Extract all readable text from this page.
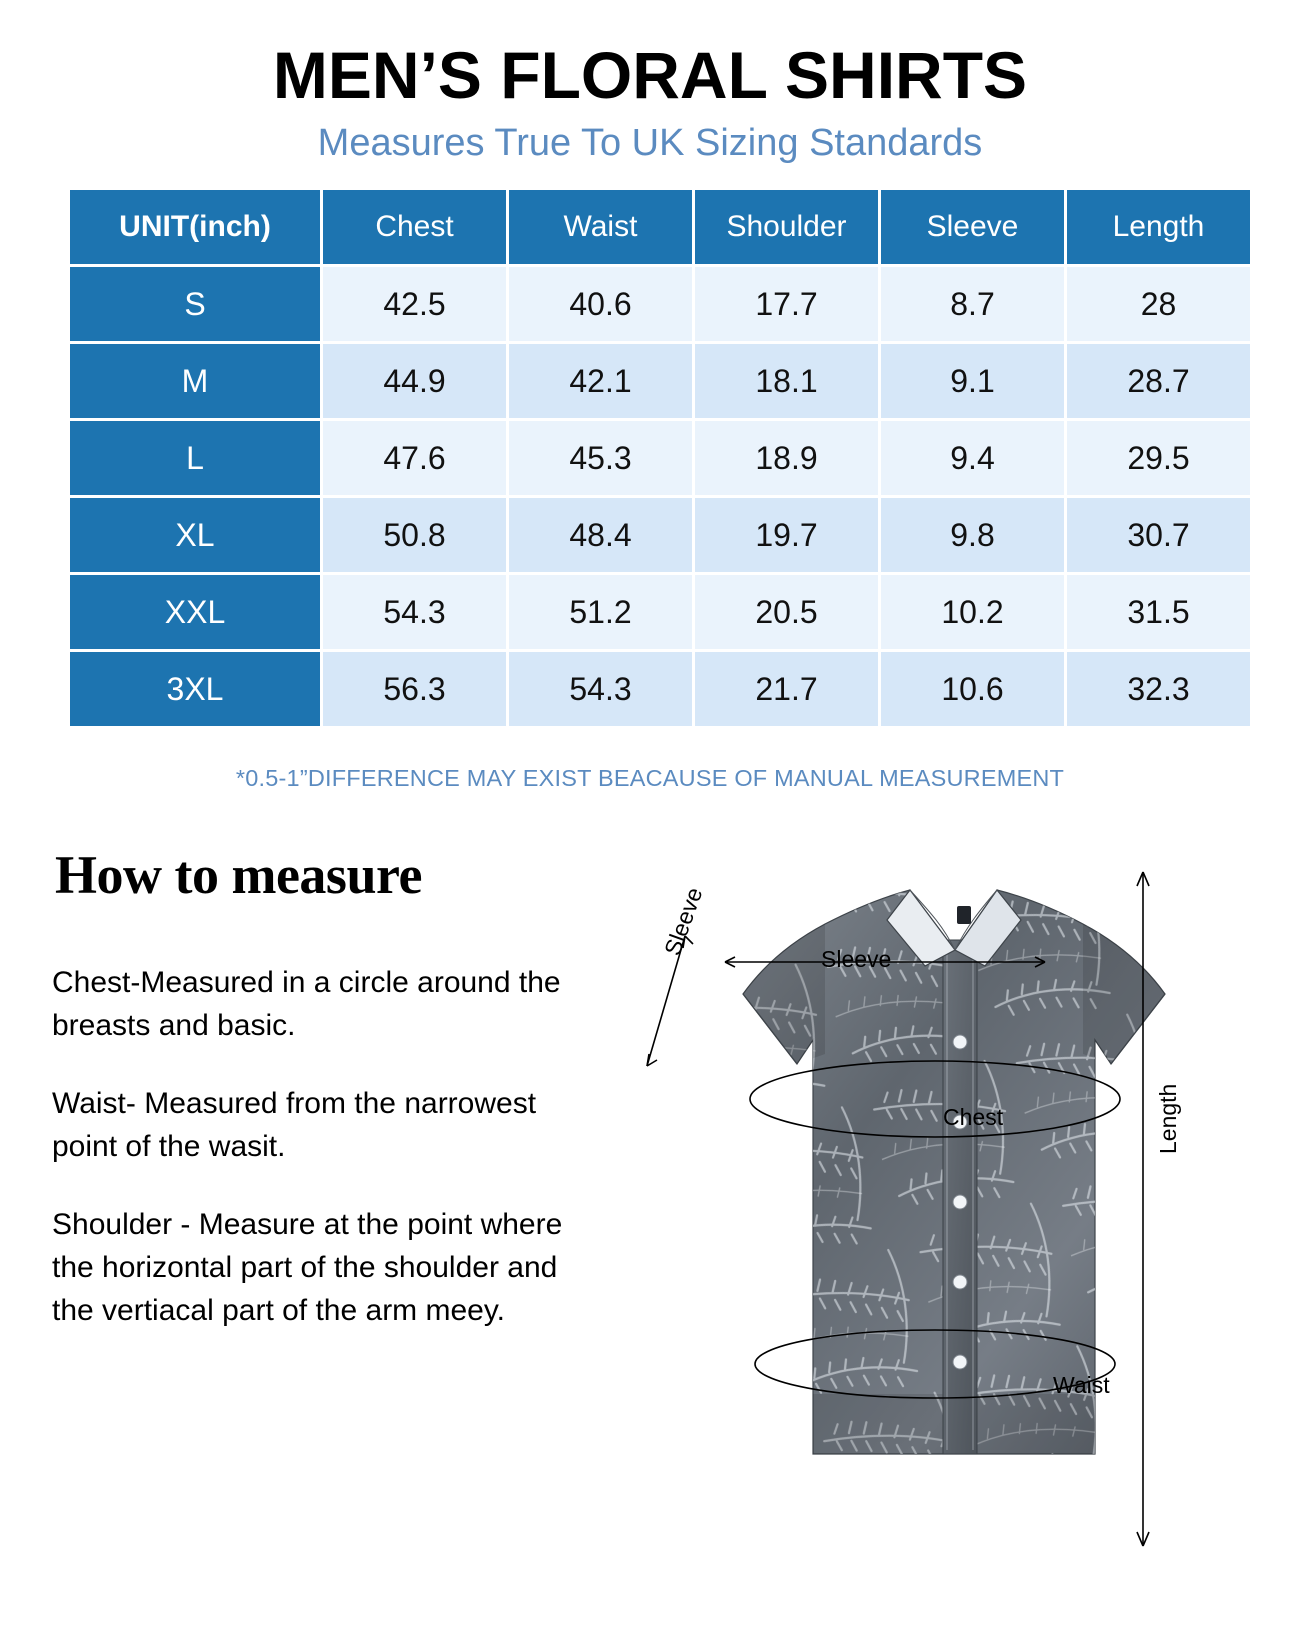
MEN’S FLORAL SHIRTS
Measures True To UK Sizing Standards
UNIT(inch)	Chest	Waist	Shoulder	Sleeve	Length
S	42.5	40.6	17.7	8.7	28
M	44.9	42.1	18.1	9.1	28.7
L	47.6	45.3	18.9	9.4	29.5
XL	50.8	48.4	19.7	9.8	30.7
XXL	54.3	51.2	20.5	10.2	31.5
3XL	56.3	54.3	21.7	10.6	32.3
*0.5-1”DIFFERENCE MAY EXIST BEACAUSE OF MANUAL MEASUREMENT
How to measure

Chest-Measured in a circle around the breasts and basic.

Waist- Measured from the narrowest point of the wasit.

Shoulder - Measure at the point where the horizontal part of the shoulder and the vertiacal part of the arm meey.

Sleeve
Sleeve
Chest	Length
Waist
